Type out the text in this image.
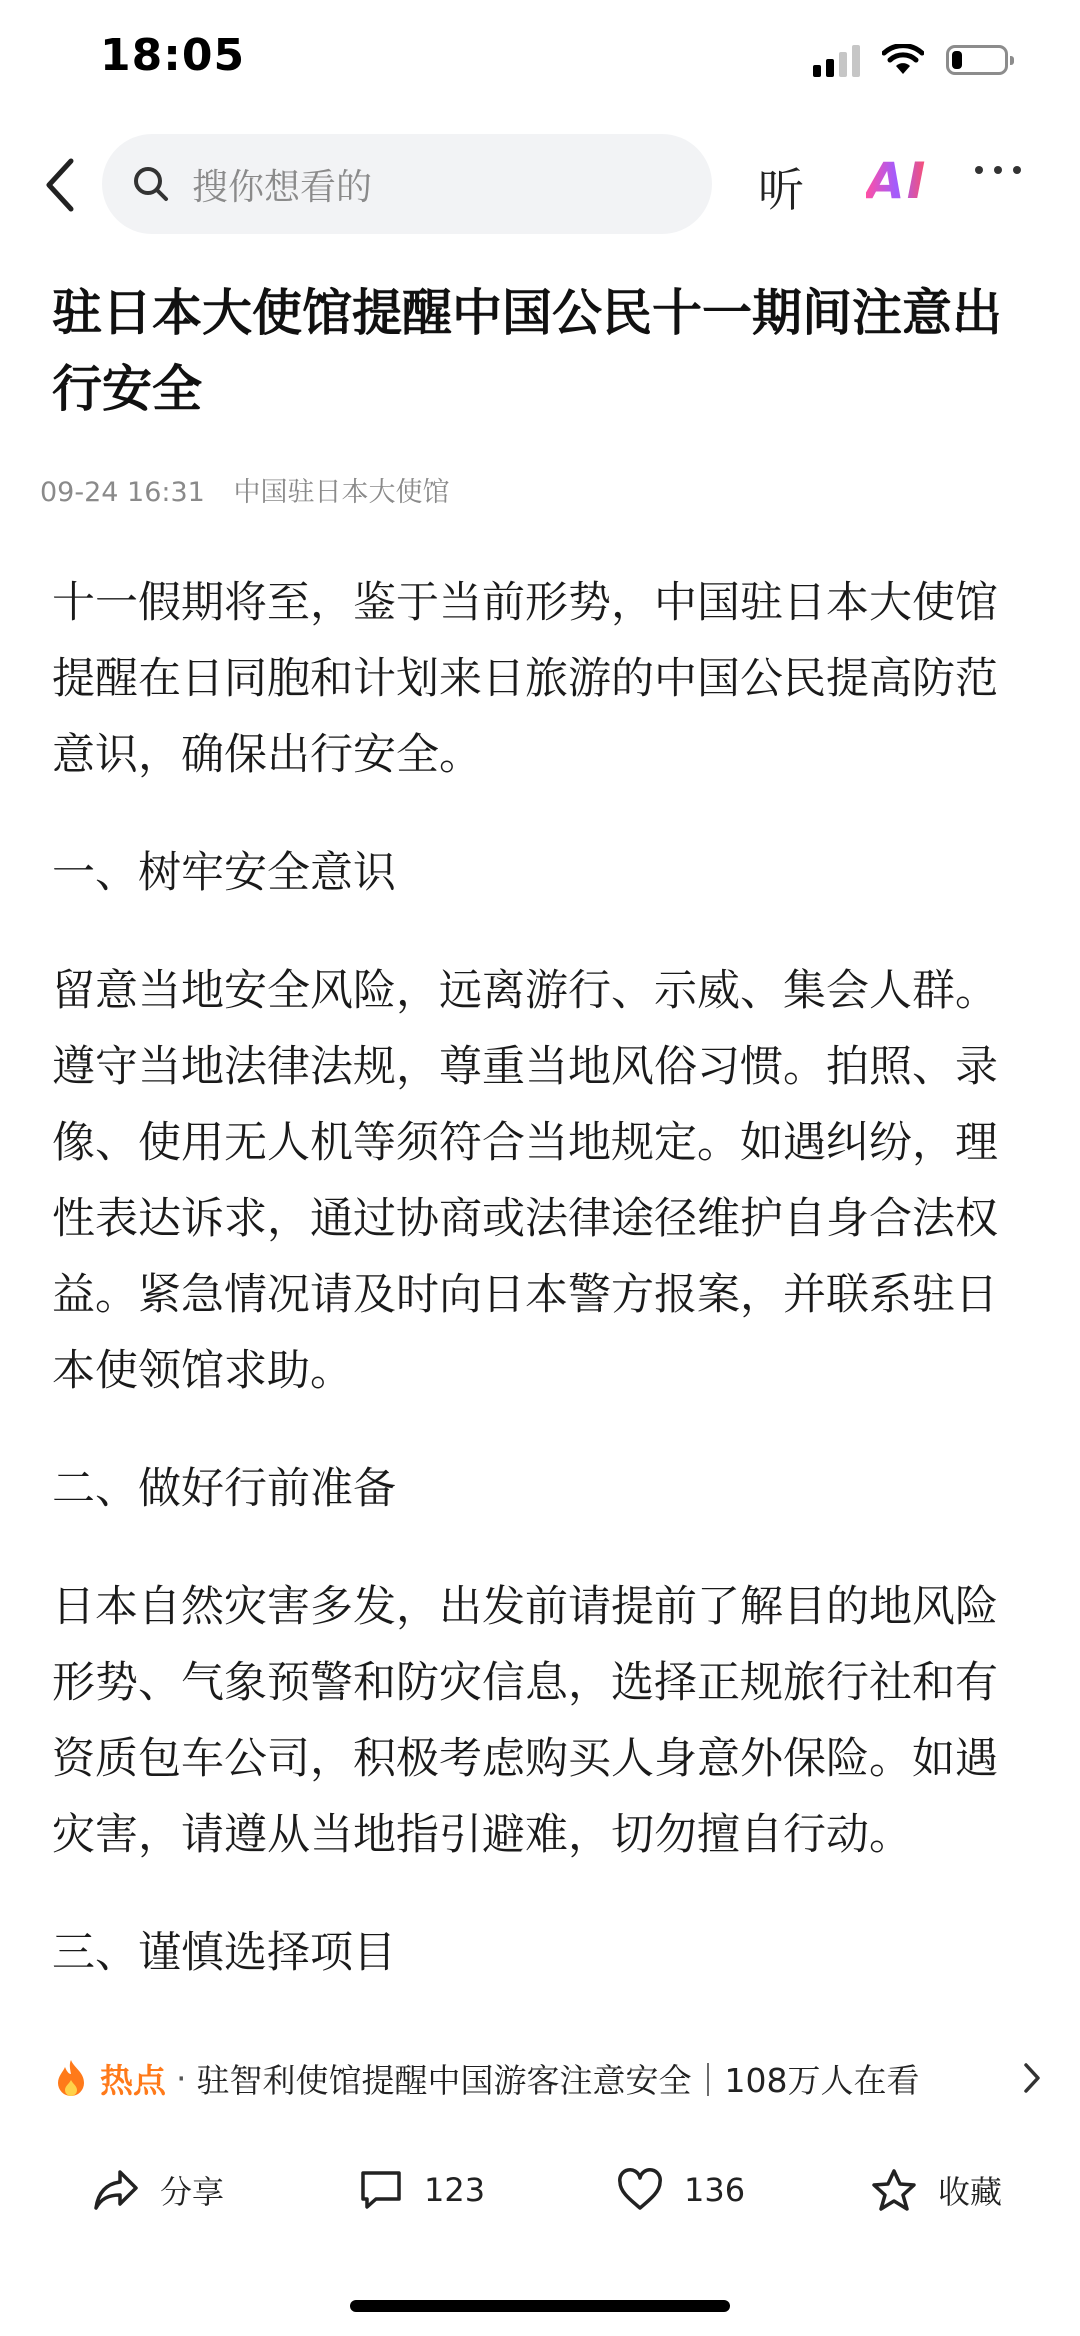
18:05
搜你想看的	听 AI
驻日本大使馆提醒中国公民十一期间注意出行安全
09-24 16:31 中国驻日本大使馆

十一假期将至，鉴于当前形势，中国驻日本大使馆提醒在日同胞和计划来日旅游的中国公民提高防范意识，确保出行安全。

一、树牢安全意识

留意当地安全风险，远离游行、示威、集会人群。遵守当地法律法规，尊重当地风俗习惯。拍照、录像、使用无人机等须符合当地规定。如遇纠纷，理性表达诉求，通过协商或法律途径维护自身合法权益。紧急情况请及时向日本警方报案，并联系驻日本使领馆求助。

二、做好行前准备

日本自然灾害多发，出发前请提前了解目的地风险形势、气象预警和防灾信息，选择正规旅行社和有资质包车公司，积极考虑购买人身意外保险。如遇灾害，请遵从当地指引避难，切勿擅自行动。

三、谨慎选择项目

热点 · 驻智利使馆提醒中国游客注意安全｜108万人在看
分享	123	136	收藏
